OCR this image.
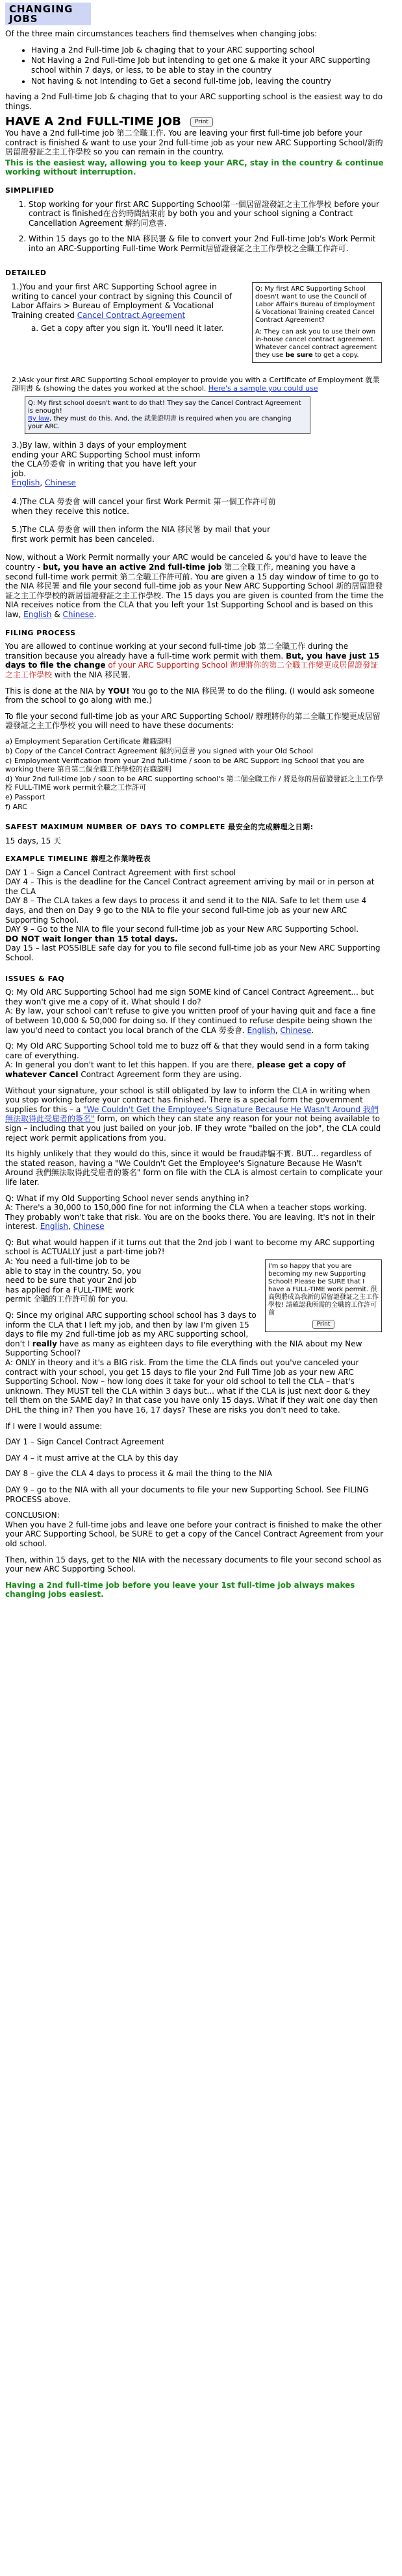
CHANGING JOBS

Of the three main circumstances teachers find themselves when changing jobs:

• Having a 2nd Full-time Job & chaging that to your ARC supporting school
• Not Having a 2nd Full-time Job but intending to get one & make it your ARC supporting school within 7 days, or less, to be able to stay in the country
• Not having & not Intending to Get a second full-time job, leaving the country

having a 2nd Full-time Job & chaging that to your ARC supporting school is the easiest way to do things.

HAVE A 2nd FULL-TIME JOB Print

You have a 2nd full-time job 第二全職工作. You are leaving your first full-time job before your contract is finished & want to use your 2nd full-time job as your new ARC Supporting School/新的居留證發証之主工作學校 so you can remain in the country.

This is the easiest way, allowing you to keep your ARC, stay in the country & continue working without interruption.

SIMPLIFIED
1. Stop working for your first ARC Supporting School第一個居留證發証之主工作學校 before your contract is finished在合約時間結束前 by both you and your school signing a Contract Cancellation Agreement 解約同意書.
2. Within 15 days go to the NIA 移民署 & file to convert your 2nd Full-time Job's Work Permit into an ARC-Supporting Full-time Work Permit居留證發証之主工作學校之全職工作許可.
DETAILED
Q: My first ARC Supporting School doesn't want to use the Council of Labor Affair's Bureau of Employment & Vocational Training created Cancel Contract Agreement?
A: They can ask you to use their own in-house cancel contract agreement. Whatever cancel contract agreement they use be sure to get a copy.
1.)You and your first ARC Supporting School agree in writing to cancel your contract by signing this Council of Labor Affairs > Bureau of Employment & Vocational Training created Cancel Contract Agreement
a. Get a copy after you sign it. You'll need it later.
2.)Ask your first ARC Supporting School employer to provide you with a Certificate of Employment 就業證明書 & (showing the dates you worked at the school. Here's a sample you could use
Q: My first school doesn't want to do that! They say the Cancel Contract Agreement is enough!
By law, they must do this. And, the 就業證明書 is required when you are changing your ARC.
3.)By law, within 3 days of your employment ending your ARC Supporting School must inform the CLA勞委會 in writing that you have left your job.
English, Chinese
4.)The CLA 勞委會 will cancel your first Work Permit 第一個工作許可前 when they receive this notice.
5.)The CLA 勞委會 will then inform the NIA 移民署 by mail that your first work permit has been canceled.

Now, without a Work Permit normally your ARC would be canceled & you'd have to leave the country - but, you have an active 2nd full-time job 第二全職工作, meaning you have a second full-time work permit 第二全職工作許可前. You are given a 15 day window of time to go to the NIA 移民署 and file your second full-time job as your New ARC Supporting School 新的居留證發証之主工作學校的新居留證發証之主工作學校. The 15 days you are given is counted from the time the NIA receives notice from the CLA that you left your 1st Supporting School and is based on this law, English & Chinese.

FILING PROCESS

You are allowed to continue working at your second full-time job 第二全職工作 during the transition because you already have a full-time work permit with them. But, you have just 15 days to file the change of your ARC Supporting School 辦理將你的第二全職工作變更成居留證發証之主工作學校 with the NIA 移民署.

This is done at the NIA by YOU! You go to the NIA 移民署 to do the filing. (I would ask someone from the school to go along with me.)

To file your second full-time job as your ARC Supporting School/ 辦理將你的第二全職工作變更成居留證發証之主工作學校 you will need to have these documents:

a) Employment Separation Certificate 離職證明

b) Copy of the Cancel Contract Agreement 解約同意書 you signed with your Old School

c) Employment Verification from your 2nd full-time / soon to be ARC Support ing School that you are working there 第自第二個全職工作學校的在職證明

d) Your 2nd full-time job / soon to be ARC supporting school's 第二個全職工作 / 將是你的居留證發証之主工作學校 FULL-TIME work permit全職之工作許可

e) Passport

f) ARC

SAFEST MAXIMUM NUMBER OF DAYS TO COMPLETE 最安全的完成辦理之日期:

15 days, 15 天

EXAMPLE TIMELINE 辦理之作業時程表
DAY 1 – Sign a Cancel Contract Agreement with first school
DAY 4 – This is the deadline for the Cancel Contract agreement arriving by mail or in person at the CLA
DAY 8 – The CLA takes a few days to process it and send it to the NIA. Safe to let them use 4 days, and then on Day 9 go to the NIA to file your second full-time job as your new ARC Supporting School.
DAY 9 – Go to the NIA to file your second full-time job as your New ARC Supporting School.
DO NOT wait longer than 15 total days.
Day 15 – last POSSIBLE safe day for you to file second full-time job as your New ARC Supporting School.
ISSUES & FAQ
Q: My Old ARC Supporting School had me sign SOME kind of Cancel Contract Agreement... but they won't give me a copy of it. What should I do?

A: By law, your school can't refuse to give you written proof of your having quit and face a fine of between 10,000 & 50,000 for doing so. If they continued to refuse despite being shown the law you'd need to contact you local branch of the CLA 勞委會. English, Chinese.

Q: My Old ARC Supporting School told me to buzz off & that they would send in a form taking care of everything.

A: In general you don't want to let this happen. If you are there, please get a copy of whatever Cancel Contract Agreement form they are using.

Without your signature, your school is still obligated by law to inform the CLA in writing when you stop working before your contract has finished. There is a special form the government supplies for this – a "We Couldn't Get the Employee's Signature Because He Wasn't Around 我們無法取得此受雇者的簽名" form, on which they can state any reason for your not being available to sign – including that you just bailed on your job. IF they wrote "bailed on the job", the CLA could reject work permit applications from you.

Its highly unlikely that they would do this, since it would be fraud詐騙不實. BUT... regardless of the stated reason, having a "We Couldn't Get the Employee's Signature Because He Wasn't Around 我們無法取得此受雇者的簽名" form on file with the CLA is almost certain to complicate your life later.

Q: What if my Old Supporting School never sends anything in?

A: There's a 30,000 to 150,000 fine for not informing the CLA when a teacher stops working. They probably won't take that risk. You are on the books there. You are leaving. It's not in their interest. English, Chinese

Q: But what would happen if it turns out that the 2nd job I want to become my ARC supporting school is ACTUALLY just a part-time job?!
I'm so happy that you are becoming my new Supporting School! Please be SURE that I have a FULL-TIME work permit. 很高興將成為我新的居留證發証之主工作學校! 請確認我所需的全職的工作許可前
Print

A: You need a full-time job to be able to stay in the country. So, you need to be sure that your 2nd job has applied for a FULL-TIME work permit 全職的工作許可前 for you.

Q: Since my original ARC supporting school school has 3 days to inform the CLA that I left my job, and then by law I'm given 15 days to file my 2nd full-time job as my ARC supporting school, don't I really have as many as eighteen days to file everything with the NIA about my New Supporting School?

A: ONLY in theory and it's a BIG risk. From the time the CLA finds out you've canceled your contract with your school, you get 15 days to file your 2nd Full Time Job as your new ARC Supporting School. Now – how long does it take for your old school to tell the CLA – that's unknown. They MUST tell the CLA within 3 days but... what if the CLA is just next door & they tell them on the SAME day? In that case you have only 15 days. What if they wait one day then DHL the thing in? Then you have 16, 17 days? These are risks you don't need to take.

If I were I would assume:

DAY 1 – Sign Cancel Contract Agreement

DAY 4 – it must arrive at the CLA by this day

DAY 8 – give the CLA 4 days to process it & mail the thing to the NIA

DAY 9 – go to the NIA with all your documents to file your new Supporting School. See FILING PROCESS above.

CONCLUSION:

When you have 2 full-time jobs and leave one before your contract is finished to make the other your ARC Supporting School, be SURE to get a copy of the Cancel Contract Agreement from your old school.

Then, within 15 days, get to the NIA with the necessary documents to file your second school as your new ARC Supporting School.

Having a 2nd full-time job before you leave your 1st full-time job always makes changing jobs easiest.
